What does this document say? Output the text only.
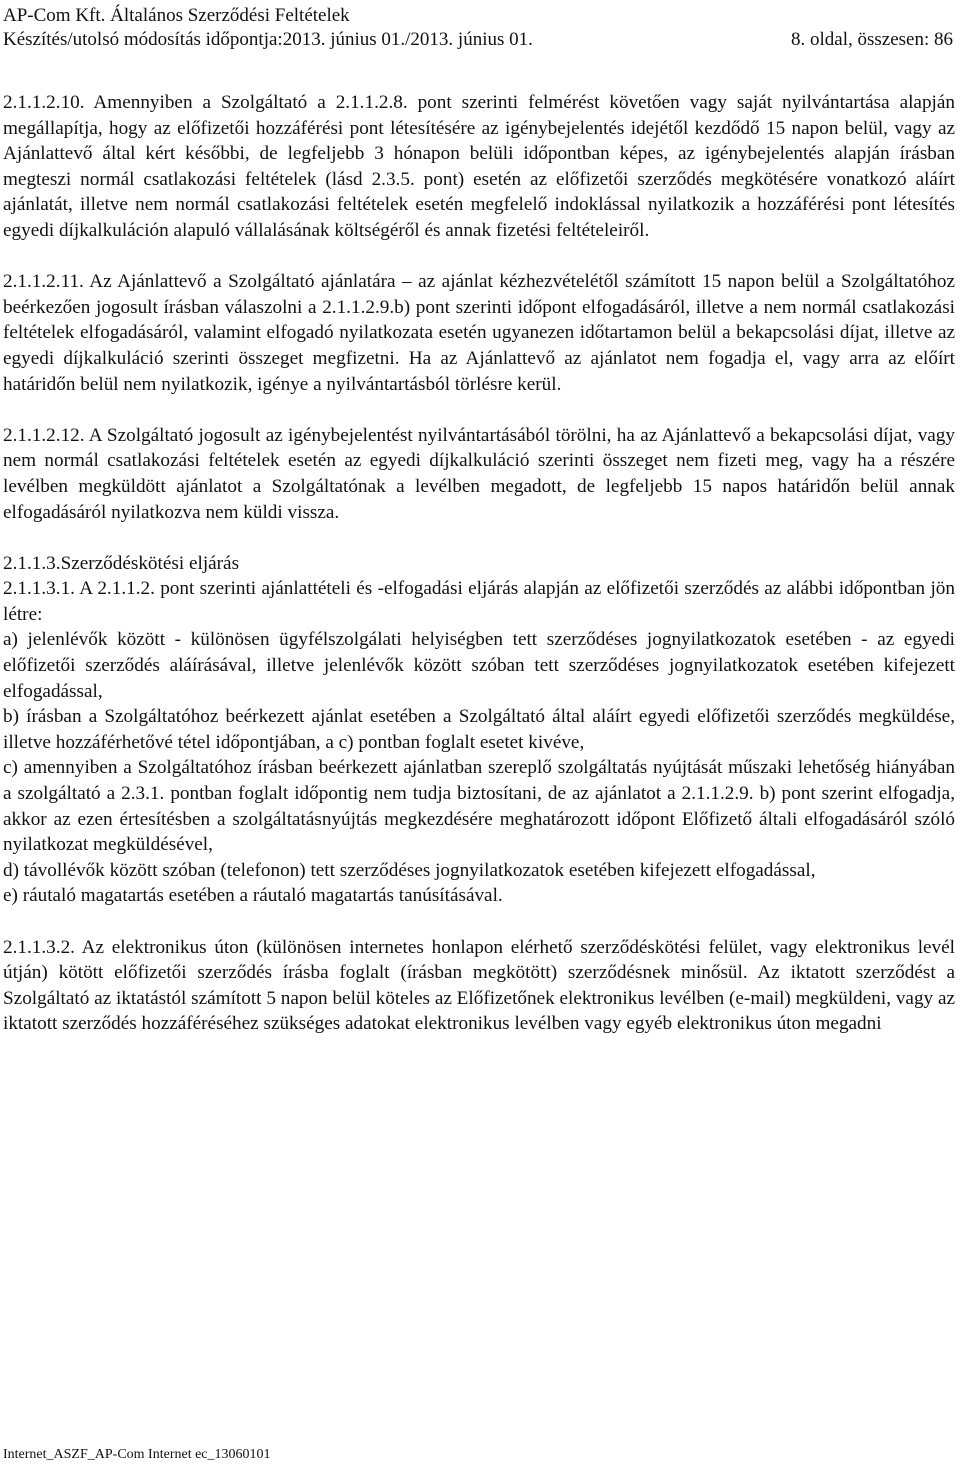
AP-Com Kft. Általános Szerződési Feltételek
Készítés/utolsó módosítás időpontja:2013. június 01./2013. június 01.	8. oldal, összesen: 86

2.1.1.2.10. Amennyiben a Szolgáltató a 2.1.1.2.8. pont szerinti felmérést követően vagy saját nyilvántartása alapján megállapítja, hogy az előfizetői hozzáférési pont létesítésére az igénybejelentés idejétől kezdődő 15 napon belül, vagy az Ajánlattevő által kért későbbi, de legfeljebb 3 hónapon belüli időpontban képes, az igénybejelentés alapján írásban megteszi normál csatlakozási feltételek (lásd 2.3.5. pont) esetén az előfizetői szerződés megkötésére vonatkozó aláírt ajánlatát, illetve nem normál csatlakozási feltételek esetén megfelelő indoklással nyilatkozik a hozzáférési pont létesítés egyedi díjkalkuláción alapuló vállalásának költségéről és annak fizetési feltételeiről.

2.1.1.2.11. Az Ajánlattevő a Szolgáltató ajánlatára – az ajánlat kézhezvételétől számított 15 napon belül a Szolgáltatóhoz beérkezően jogosult írásban válaszolni a 2.1.1.2.9.b) pont szerinti időpont elfogadásáról, illetve a nem normál csatlakozási feltételek elfogadásáról, valamint elfogadó nyilatkozata esetén ugyanezen időtartamon belül a bekapcsolási díjat, illetve az egyedi díjkalkuláció szerinti összeget megfizetni. Ha az Ajánlattevő az ajánlatot nem fogadja el, vagy arra az előírt határidőn belül nem nyilatkozik, igénye a nyilvántartásból törlésre kerül.

2.1.1.2.12. A Szolgáltató jogosult az igénybejelentést nyilvántartásából törölni, ha az Ajánlattevő a bekapcsolási díjat, vagy nem normál csatlakozási feltételek esetén az egyedi díjkalkuláció szerinti összeget nem fizeti meg, vagy ha a részére levélben megküldött ajánlatot a Szolgáltatónak a levélben megadott, de legfeljebb 15 napos határidőn belül annak elfogadásáról nyilatkozva nem küldi vissza.

2.1.1.3.Szerződéskötési eljárás

2.1.1.3.1. A 2.1.1.2. pont szerinti ajánlattételi és -elfogadási eljárás alapján az előfizetői szerződés az alábbi időpontban jön létre:

a) jelenlévők között - különösen ügyfélszolgálati helyiségben tett szerződéses jognyilatkozatok esetében - az egyedi előfizetői szerződés aláírásával, illetve jelenlévők között szóban tett szerződéses jognyilatkozatok esetében kifejezett elfogadással,

b) írásban a Szolgáltatóhoz beérkezett ajánlat esetében a Szolgáltató által aláírt egyedi előfizetői szerződés megküldése, illetve hozzáférhetővé tétel időpontjában, a c) pontban foglalt esetet kivéve,

c) amennyiben a Szolgáltatóhoz írásban beérkezett ajánlatban szereplő szolgáltatás nyújtását műszaki lehetőség hiányában a szolgáltató a 2.3.1. pontban foglalt időpontig nem tudja biztosítani, de az ajánlatot a 2.1.1.2.9. b) pont szerint elfogadja, akkor az ezen értesítésben a szolgáltatásnyújtás megkezdésére meghatározott időpont Előfizető általi elfogadásáról szóló nyilatkozat megküldésével,

d) távollévők között szóban (telefonon) tett szerződéses jognyilatkozatok esetében kifejezett elfogadással,

e) ráutaló magatartás esetében a ráutaló magatartás tanúsításával.

2.1.1.3.2. Az elektronikus úton (különösen internetes honlapon elérhető szerződéskötési felület, vagy elektronikus levél útján) kötött előfizetői szerződés írásba foglalt (írásban megkötött) szerződésnek minősül. Az iktatott szerződést a Szolgáltató az iktatástól számított 5 napon belül köteles az Előfizetőnek elektronikus levélben (e-mail) megküldeni, vagy az iktatott szerződés hozzáféréséhez szükséges adatokat elektronikus levélben vagy egyéb elektronikus úton megadni

Internet_ASZF_AP-Com Internet ec_13060101
